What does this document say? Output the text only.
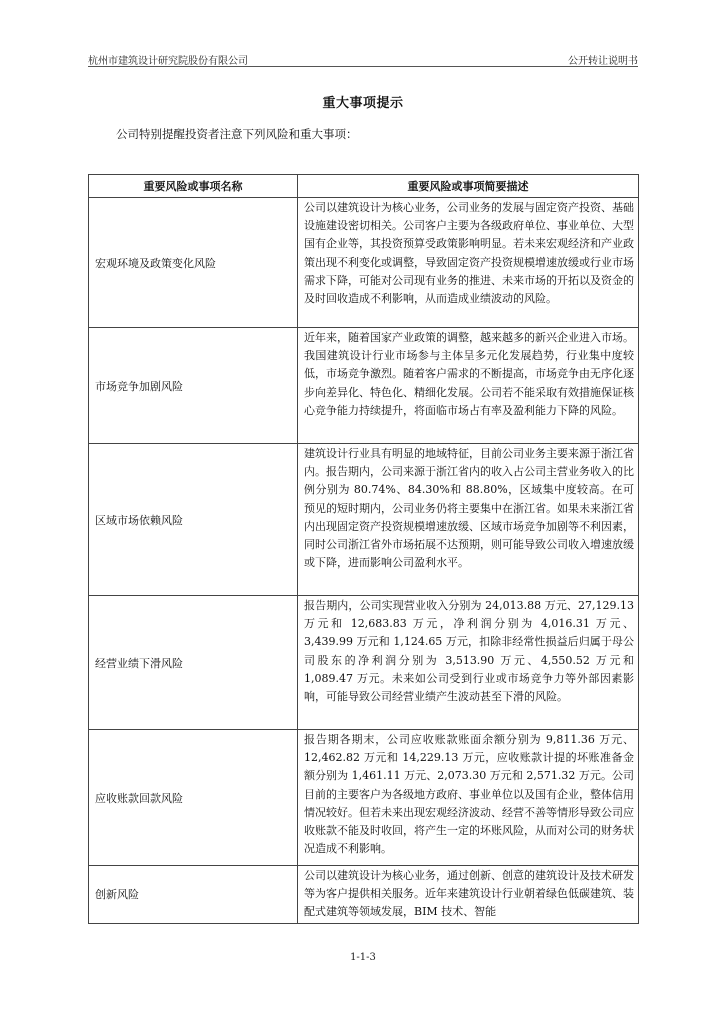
杭州市建筑设计研究院股份有限公司	公开转让说明书
重大事项提示
公司特别提醒投资者注意下列风险和重大事项：
重要风险或事项名称	重要风险或事项简要描述
宏观环境及政策变化风险	公司以建筑设计为核心业务，公司业务的发展与固定资产投资、基础设施建设密切相关。公司客户主要为各级政府单位、事业单位、大型国有企业等，其投资预算受政策影响明显。若未来宏观经济和产业政策出现不利变化或调整，导致固定资产投资规模增速放缓或行业市场需求下降，可能对公司现有业务的推进、未来市场的开拓以及资金的及时回收造成不利影响，从而造成业绩波动的风险。
市场竞争加剧风险	近年来，随着国家产业政策的调整，越来越多的新兴企业进入市场。我国建筑设计行业市场参与主体呈多元化发展趋势，行业集中度较低，市场竞争激烈。随着客户需求的不断提高，市场竞争由无序化逐步向差异化、特色化、精细化发展。公司若不能采取有效措施保证核心竞争能力持续提升，将面临市场占有率及盈利能力下降的风险。
区域市场依赖风险	建筑设计行业具有明显的地域特征，目前公司业务主要来源于浙江省内。报告期内，公司来源于浙江省内的收入占公司主营业务收入的比例分别为 80.74%、84.30%和 88.80%，区域集中度较高。在可预见的短时期内，公司业务仍将主要集中在浙江省。如果未来浙江省内出现固定资产投资规模增速放缓、区域市场竞争加剧等不利因素，同时公司浙江省外市场拓展不达预期，则可能导致公司收入增速放缓或下降，进而影响公司盈利水平。
经营业绩下滑风险	报告期内，公司实现营业收入分别为 24,013.88 万元、27,129.13 万元和 12,683.83 万元，净利润分别为 4,016.31 万元、3,439.99 万元和 1,124.65 万元，扣除非经常性损益后归属于母公司股东的净利润分别为 3,513.90 万元、4,550.52 万元和 1,089.47 万元。未来如公司受到行业或市场竞争力等外部因素影响，可能导致公司经营业绩产生波动甚至下滑的风险。
应收账款回款风险	报告期各期末，公司应收账款账面余额分别为 9,811.36 万元、12,462.82 万元和 14,229.13 万元，应收账款计提的坏账准备金额分别为 1,461.11 万元、2,073.30 万元和 2,571.32 万元。公司目前的主要客户为各级地方政府、事业单位以及国有企业，整体信用情况较好。但若未来出现宏观经济波动、经营不善等情形导致公司应收账款不能及时收回，将产生一定的坏账风险，从而对公司的财务状况造成不利影响。
创新风险	公司以建筑设计为核心业务，通过创新、创意的建筑设计及技术研发等为客户提供相关服务。近年来建筑设计行业朝着绿色低碳建筑、装配式建筑等领域发展，BIM 技术、智能
1-1-3
